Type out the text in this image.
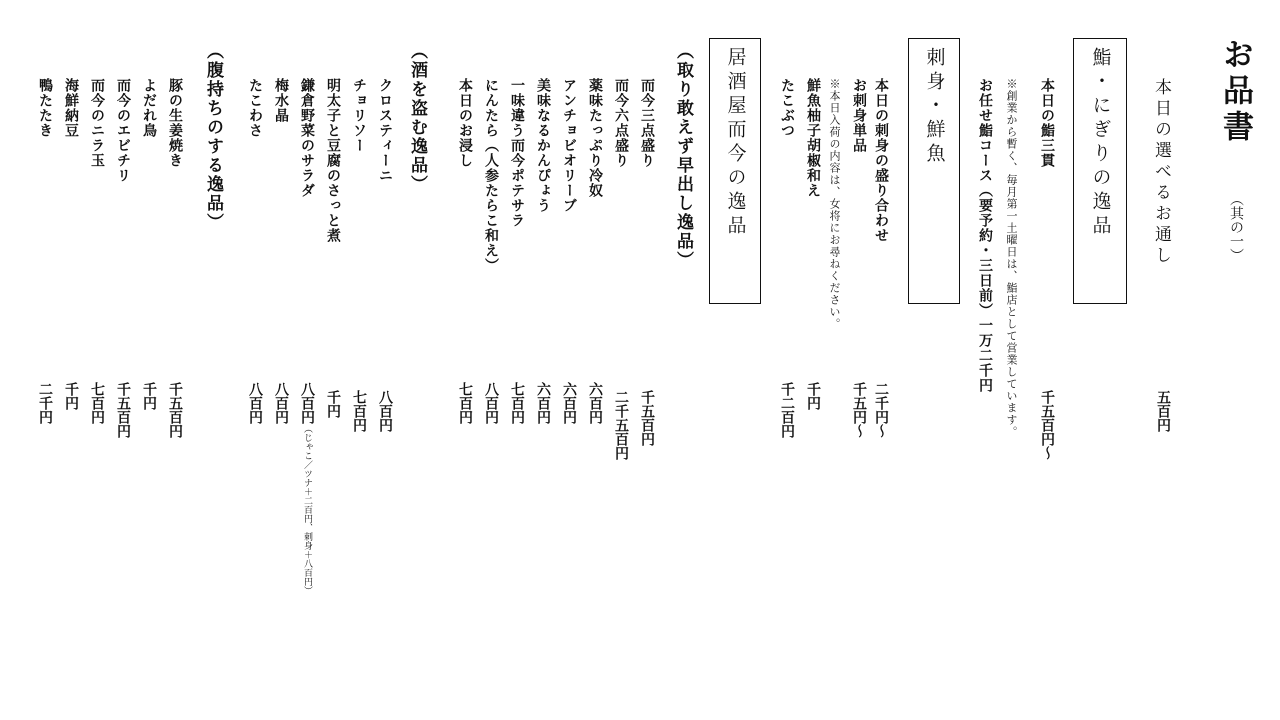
お品書
（其の一）
本日の選べるお通し
五百円
鮨・にぎりの逸品
本日の鮨三貫
千五百円〜
※創業から暫く、毎月第一土曜日は、鮨店として営業しています。
お任せ鮨コース（要予約・三日前）一万二千円
刺身・鮮魚
本日の刺身の盛り合わせ
二千円〜
お刺身単品
千五円〜
※本日入荷の内容は、女将にお尋ねください。
鮮魚柚子胡椒和え
千円
たこぶつ
千二百円
居酒屋而今の逸品
（取り敢えず早出し逸品）
而今三点盛り
千五百円
而今六点盛り
二千五百円
薬味たっぷり冷奴
六百円
アンチョビオリーブ
六百円
美味なるかんぴょう
六百円
一味違う而今ポテサラ
七百円
にんたら（人参たらこ和え）
八百円
本日のお浸し
七百円
（酒を盗む逸品）
クロスティーニ
八百円
チョリソー
七百円
明太子と豆腐のさっと煮
千円
鎌倉野菜のサラダ
八百円（じゃこ／ツナ＋二百円、刺身＋八百円）
梅水晶
八百円
たこわさ
八百円
（腹持ちのする逸品）
豚の生姜焼き
千五百円
よだれ鳥
千円
而今のエビチリ
千五百円
而今のニラ玉
七百円
海鮮納豆
千円
鴨たたき
二千円
